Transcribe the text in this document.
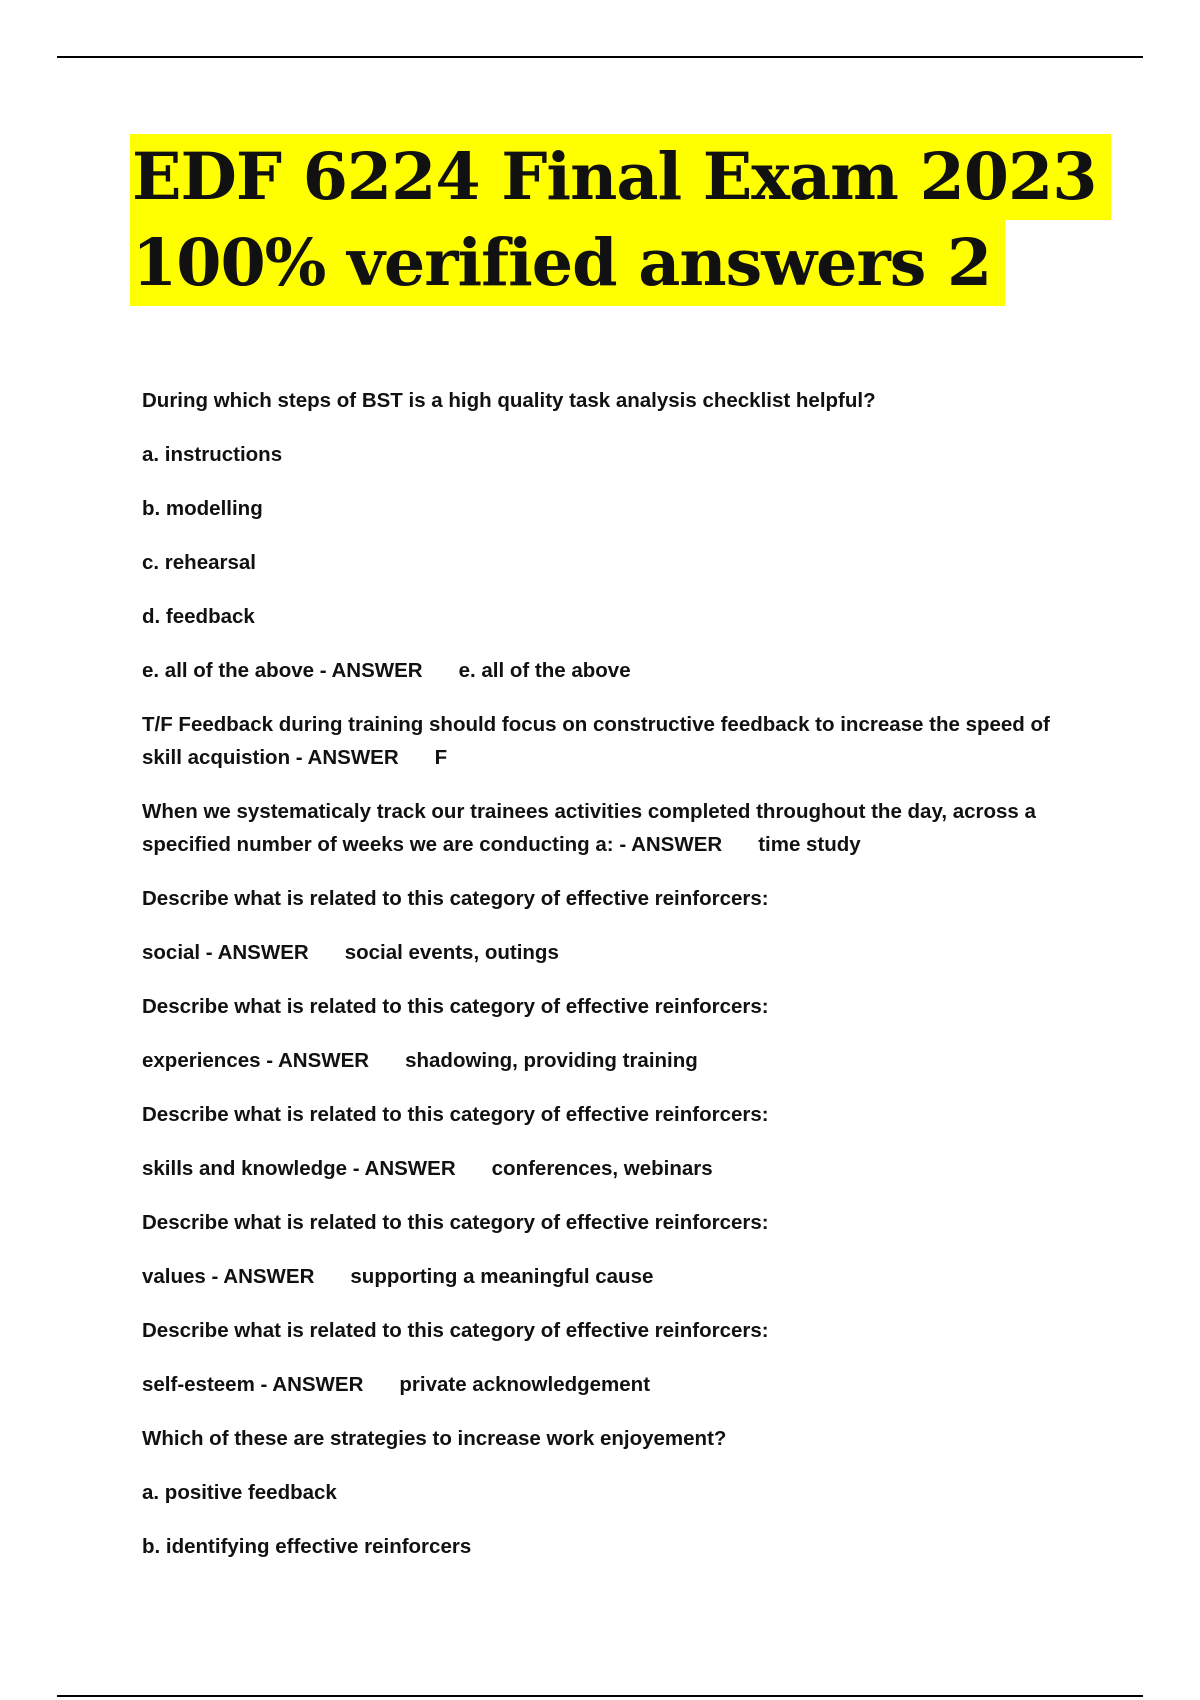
EDF 6224 Final Exam 2023
100% verified answers 2

During which steps of BST is a high quality task analysis checklist helpful?

a. instructions

b. modelling

c. rehearsal

d. feedback

e. all of the above - ANSWER e. all of the above

T/F Feedback during training should focus on constructive feedback to increase the speed of skill acquistion - ANSWER F

When we systematicaly track our trainees activities completed throughout the day, across a specified number of weeks we are conducting a: - ANSWER time study

Describe what is related to this category of effective reinforcers:

social - ANSWER social events, outings

Describe what is related to this category of effective reinforcers:

experiences - ANSWER shadowing, providing training

Describe what is related to this category of effective reinforcers:

skills and knowledge - ANSWER conferences, webinars

Describe what is related to this category of effective reinforcers:

values - ANSWER supporting a meaningful cause

Describe what is related to this category of effective reinforcers:

self-esteem - ANSWER private acknowledgement

Which of these are strategies to increase work enjoyement?

a. positive feedback

b. identifying effective reinforcers
